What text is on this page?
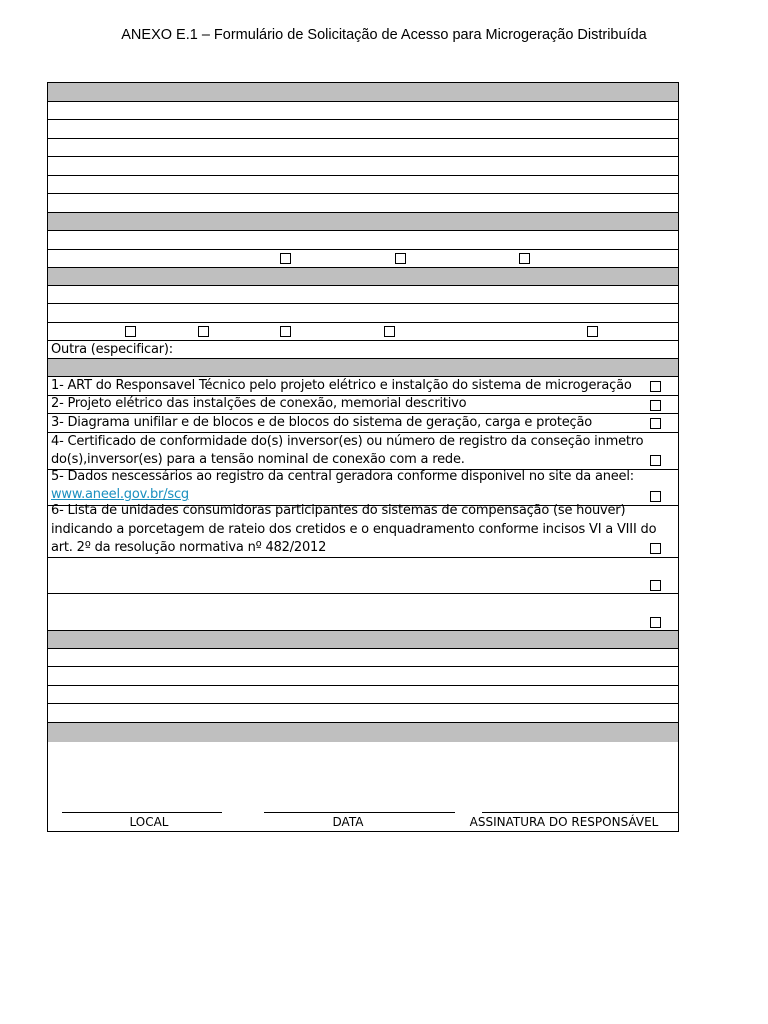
ANEXO E.1 – Formulário de Solicitação de Acesso para Microgeração Distribuída
Outra (especificar):
1- ART do Responsavel Técnico pelo projeto elétrico e instalção do sistema de microgeração
2- Projeto elétrico das instalções de conexão, memorial descritivo
3- Diagrama unifilar e de blocos e de blocos do sistema de geração, carga e proteção
4- Certificado de conformidade do(s) inversor(es) ou número de registro da conseção inmetro
do(s),inversor(es) para a tensão nominal de conexão com a rede.
5- Dados nescessários ao registro da central geradora conforme disponivel no site da aneel:
www.aneel.gov.br/scg
6- Lista de unidades consumidoras participantes do sistemas de compensação (se houver)
indicando a porcetagem de rateio dos cretidos e o enquadramento conforme incisos VI a VIII do
art. 2º da resolução normativa nº 482/2012
LOCAL	DATA	ASSINATURA DO RESPONSÁVEL
